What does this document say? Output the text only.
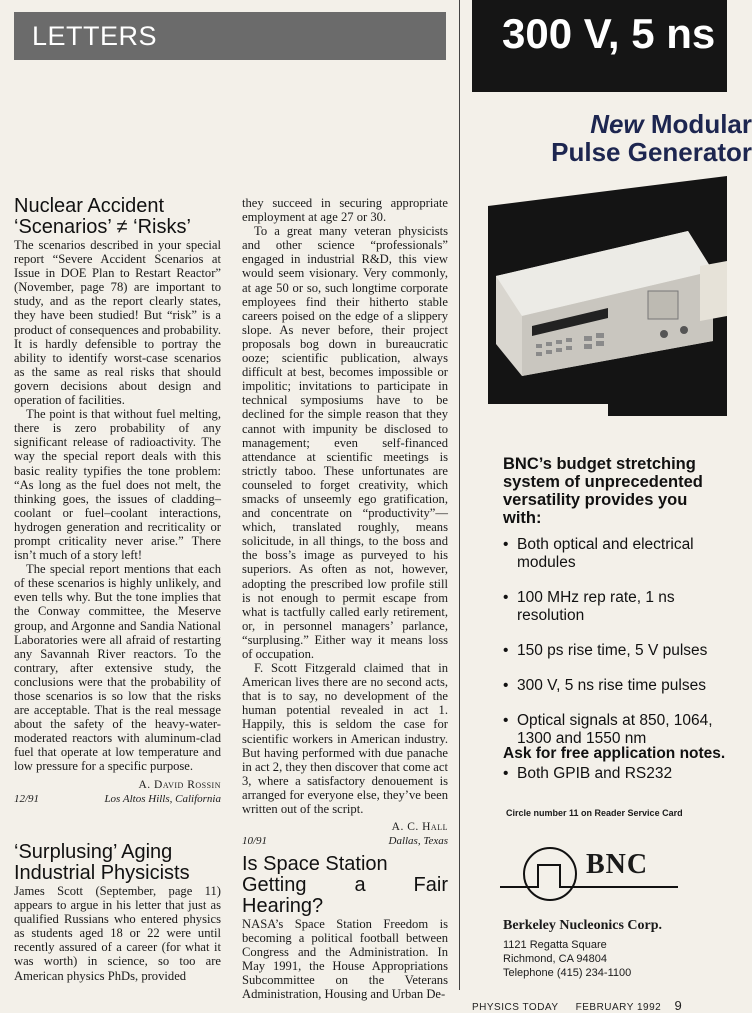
LETTERS
Nuclear Accident
‘Scenarios’ ≠ ‘Risks’

The scenarios described in your special report “Severe Accident Scenarios at Issue in DOE Plan to Restart Reactor” (November, page 78) are important to study, and as the report clearly states, they have been studied! But “risk” is a product of consequences and probability. It is hardly defensible to portray the ability to identify worst-case scenarios as the same as real risks that should govern decisions about design and operation of facilities.

The point is that without fuel melting, there is zero probability of any significant release of radioactivity. The way the special report deals with this basic reality typifies the tone problem: “As long as the fuel does not melt, the thinking goes, the issues of cladding–coolant or fuel–coolant interactions, hydrogen generation and recriticality or prompt criticality never arise.” There isn’t much of a story left!

The special report mentions that each of these scenarios is highly unlikely, and even tells why. But the tone implies that the Conway committee, the Meserve group, and Argonne and Sandia National Laboratories were all afraid of restarting any Savannah River reactors. To the contrary, after extensive study, the conclusions were that the probability of those scenarios is so low that the risks are acceptable. That is the real message about the safety of the heavy-water-moderated reactors with aluminum-clad fuel that operate at low temperature and low pressure for a specific purpose.

A. David Rossin
12/91	Los Altos Hills, California
‘Surplusing’ Aging
Industrial Physicists

James Scott (September, page 11) appears to argue in his letter that just as qualified Russians who entered physics as students aged 18 or 22 were until recently assured of a career (for what it was worth) in science, so too are American physics PhDs, provided

they succeed in securing appropriate employment at age 27 or 30.

To a great many veteran physicists and other science “professionals” engaged in industrial R&D, this view would seem visionary. Very commonly, at age 50 or so, such longtime corporate employees find their hitherto stable careers poised on the edge of a slippery slope. As never before, their project proposals bog down in bureaucratic ooze; scientific publication, always difficult at best, becomes impossible or impolitic; invitations to participate in technical symposiums have to be declined for the simple reason that they cannot with impunity be disclosed to management; even self-financed attendance at scientific meetings is strictly taboo. These unfortunates are counseled to forget creativity, which smacks of unseemly ego gratification, and concentrate on “productivity”—which, translated roughly, means solicitude, in all things, to the boss and the boss’s image as purveyed to his superiors. As often as not, however, adopting the prescribed low profile still is not enough to permit escape from what is tactfully called early retirement, or, in personnel managers’ parlance, “surplusing.” Either way it means loss of occupation.

F. Scott Fitzgerald claimed that in American lives there are no second acts, that is to say, no development of the human potential revealed in act 1. Happily, this is seldom the case for scientific workers in American industry. But having performed with due panache in act 2, they then discover that come act 3, where a satisfactory denouement is arranged for everyone else, they’ve been written out of the script.

A. C. Hall
10/91	Dallas, Texas
Is Space Station
Getting a Fair Hearing?

NASA’s Space Station Freedom is becoming a political football between Congress and the Administration. In May 1991, the House Appropriations Subcommittee on the Veterans Administration, Housing and Urban De-

300 V, 5 ns
New Modular
Pulse Generator
BNC’s budget stretching system of unprecedented versatility provides you with:
• Both optical and electrical modules
• 100 MHz rep rate, 1 ns resolution
• 150 ps rise time, 5 V pulses
• 300 V, 5 ns rise time pulses
• Optical signals at 850, 1064, 1300 and 1550 nm
• Both GPIB and RS232
Ask for free application notes.
Circle number 11 on Reader Service Card
BNC
Berkeley Nucleonics Corp.
1121 Regatta Square
Richmond, CA 94804
Telephone (415) 234-1100
PHYSICS TODAY FEBRUARY 1992 9
